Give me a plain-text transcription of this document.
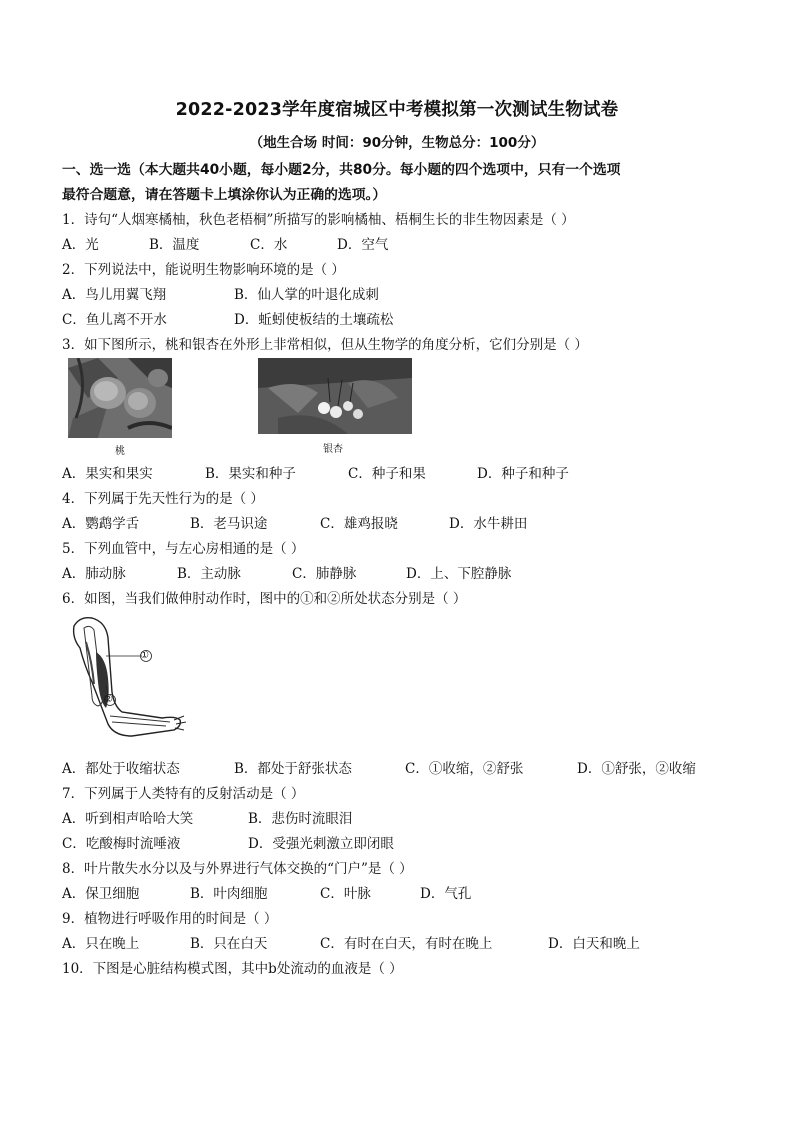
2022-2023学年度宿城区中考模拟第一次测试生物试卷
（地生合场 时间：90分钟，生物总分：100分）
一、选一选（本大题共40小题，每小题2分，共80分。每小题的四个选项中，只有一个选项
最符合题意，请在答题卡上填涂你认为正确的选项。）
1．诗句“人烟寒橘柚，秋色老梧桐”所描写的影响橘柚、梧桐生长的非生物因素是（ ）
A．光	B．温度	C．水	D．空气
2．下列说法中，能说明生物影响环境的是（ ）
A．鸟儿用翼飞翔	B．仙人掌的叶退化成刺
C．鱼儿离不开水	D．蚯蚓使板结的土壤疏松
3．如下图所示，桃和银杏在外形上非常相似，但从生物学的角度分析，它们分别是（ ）
桃	银杏
A．果实和果实	B．果实和种子	C．种子和果	D．种子和种子
4．下列属于先天性行为的是（ ）
A．鹦鹉学舌	B．老马识途	C．雄鸡报晓	D．水牛耕田
5．下列血管中，与左心房相通的是（ ）
A．肺动脉	B．主动脉	C．肺静脉	D．上、下腔静脉
6．如图，当我们做伸肘动作时，图中的①和②所处状态分别是（ ）
①
②
A．都处于收缩状态	B．都处于舒张状态	C．①收缩，②舒张	D．①舒张，②收缩
7．下列属于人类特有的反射活动是（ ）
A．听到相声哈哈大笑	B．悲伤时流眼泪
C．吃酸梅时流唾液	D．受强光刺激立即闭眼
8．叶片散失水分以及与外界进行气体交换的“门户”是（ ）
A．保卫细胞	B．叶肉细胞	C．叶脉	D．气孔
9．植物进行呼吸作用的时间是（ ）
A．只在晚上	B．只在白天	C．有时在白天，有时在晚上	D．白天和晚上
10．下图是心脏结构模式图，其中b处流动的血液是（ ）
